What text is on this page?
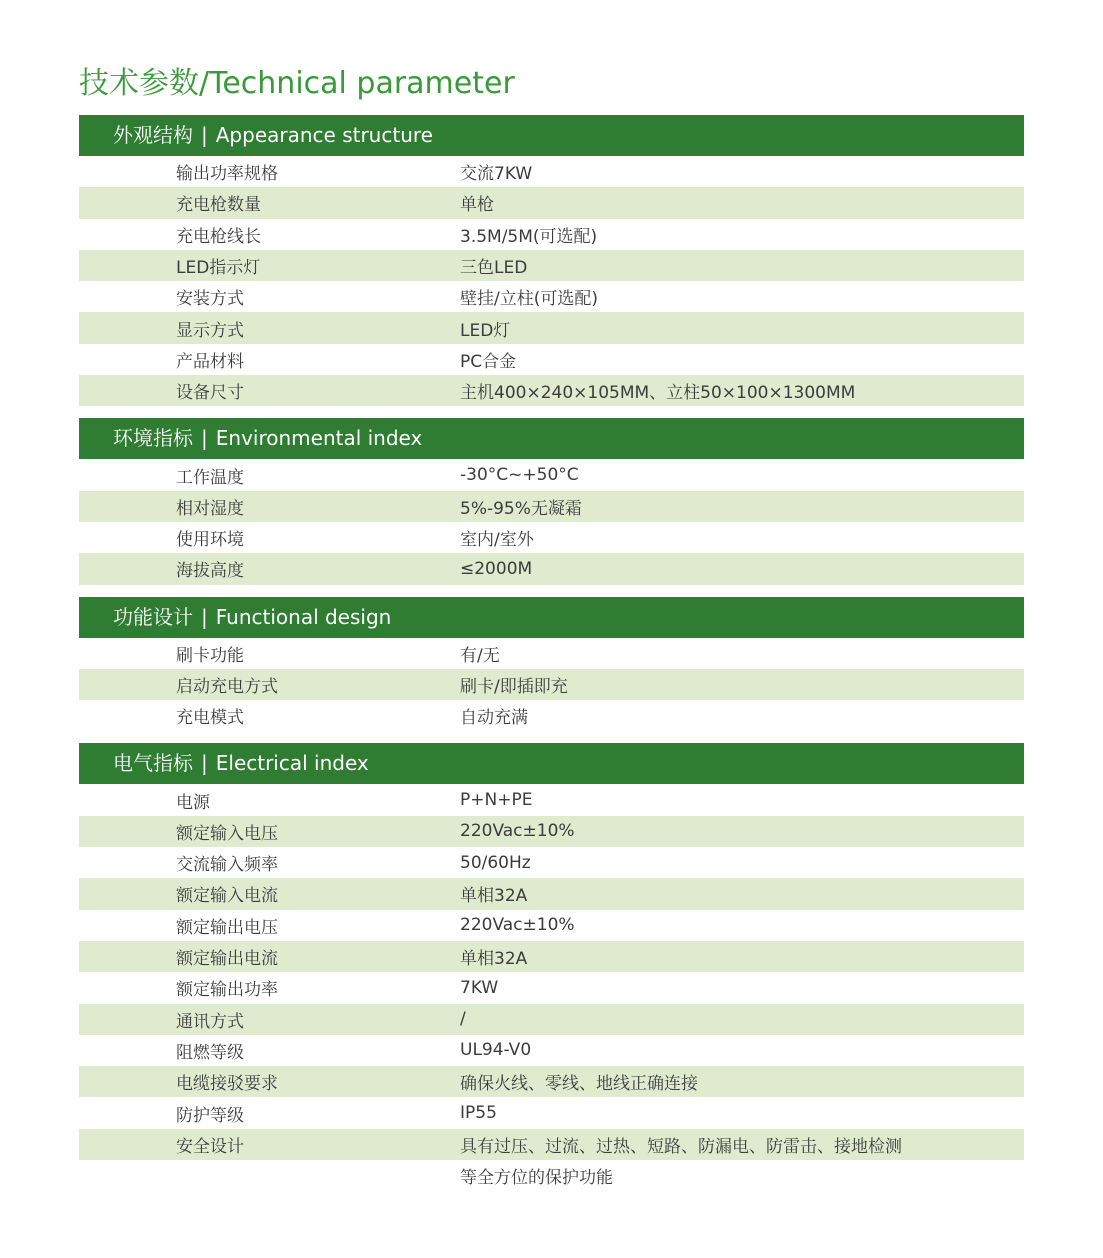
技术参数/Technical parameter
外观结构 | Appearance structure
输出功率规格	交流7KW
充电枪数量	单枪
充电枪线长	3.5M/5M(可选配)
LED指示灯	三色LED
安装方式	壁挂/立柱(可选配)
显示方式	LED灯
产品材料	PC合金
设备尺寸	主机400×240×105MM、立柱50×100×1300MM
环境指标 | Environmental index
工作温度	-30°C~+50°C
相对湿度	5%-95%无凝霜
使用环境	室内/室外
海拔高度	≤2000M
功能设计 | Functional design
刷卡功能	有/无
启动充电方式	刷卡/即插即充
充电模式	自动充满
电气指标 | Electrical index
电源	P+N+PE
额定输入电压	220Vac±10%
交流输入频率	50/60Hz
额定输入电流	单相32A
额定输出电压	220Vac±10%
额定输出电流	单相32A
额定输出功率	7KW
通讯方式	/
阻燃等级	UL94-V0
电缆接驳要求	确保火线、零线、地线正确连接
防护等级	IP55
安全设计	具有过压、过流、过热、短路、防漏电、防雷击、接地检测
等全方位的保护功能
